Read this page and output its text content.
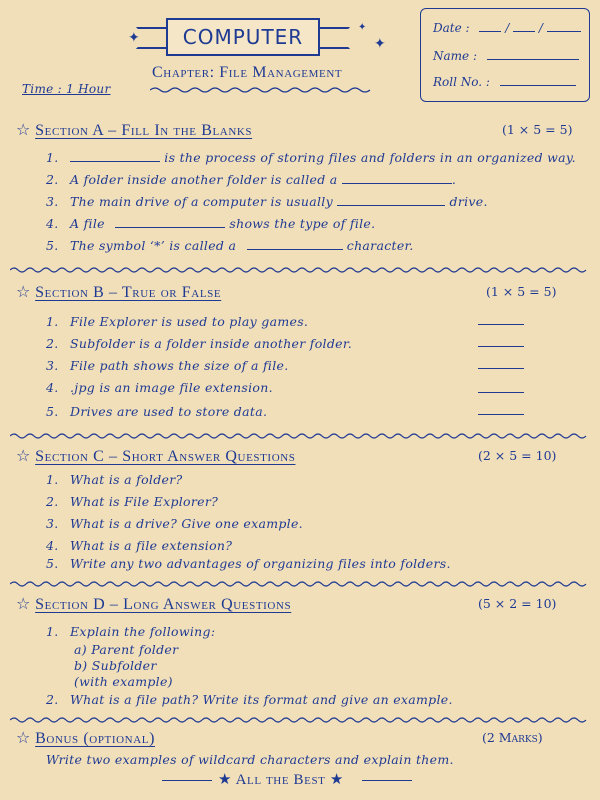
COMPUTER
✦	✦
✦
Chapter: File Management
Time : 1 Hour
Date :	/  /
Name :
Roll No. :
☆ Section A – Fill In the Blanks	(1 × 5 = 5)
1.	is the process of storing files and folders in an organized way.
2. A folder inside another folder is called a	.
3. The main drive of a computer is usually	drive.
4. A file	shows the type of file.
5. The symbol ‘*’ is called a	character.
☆ Section B – True or False	(1 × 5 = 5)
1. File Explorer is used to play games.
2. Subfolder is a folder inside another folder.
3. File path shows the size of a file.
4. .jpg is an image file extension.
5. Drives are used to store data.
☆ Section C – Short Answer Questions	(2 × 5 = 10)
1. What is a folder?
2. What is File Explorer?
3. What is a drive? Give one example.
4. What is a file extension?
5. Write any two advantages of organizing files into folders.
☆ Section D – Long Answer Questions	(5 × 2 = 10)
1. Explain the following:
a) Parent folder
b) Subfolder
(with example)
2. What is a file path? Write its format and give an example.
☆ Bonus (optional)	(2 Marks)
Write two examples of wildcard characters and explain them.
★ All the Best ★
